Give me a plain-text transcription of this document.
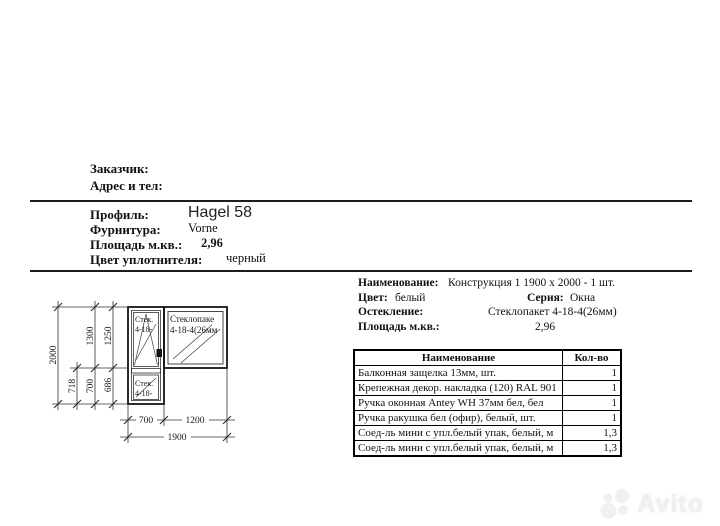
Заказчик:
Адрес и тел:
Профиль: Hagel 58
Фурнитура: Vorne
Площадь м.кв.: 2,96
Цвет уплотнителя: черный
Наименование: Конструкция 1 1900 x 2000 - 1 шт.
Цвет: белый	Серия: Окна
Остекление:	Стеклопакет 4-18-4(26мм)
Площадь м.кв.:	2,96
Наименование	Кол-во
Балконная защелка 13мм, шт.	1
Крепежная декор. накладка (120) RAL 901	1
Ручка оконная Antey WH 37мм бел, бел	1
Ручка ракушка бел (офир), белый, шт.	1
Соед-ль мини с упл.белый упак, белый, м	1,3
Соед-ль мини с упл.белый упак, белый, м	1,3
Стек.
4-18-
Стек.
4-18-
Стеклопаке
4-18-4(26мм
2000
718
1300
700
1250
686
700	1200
1900
Avito
